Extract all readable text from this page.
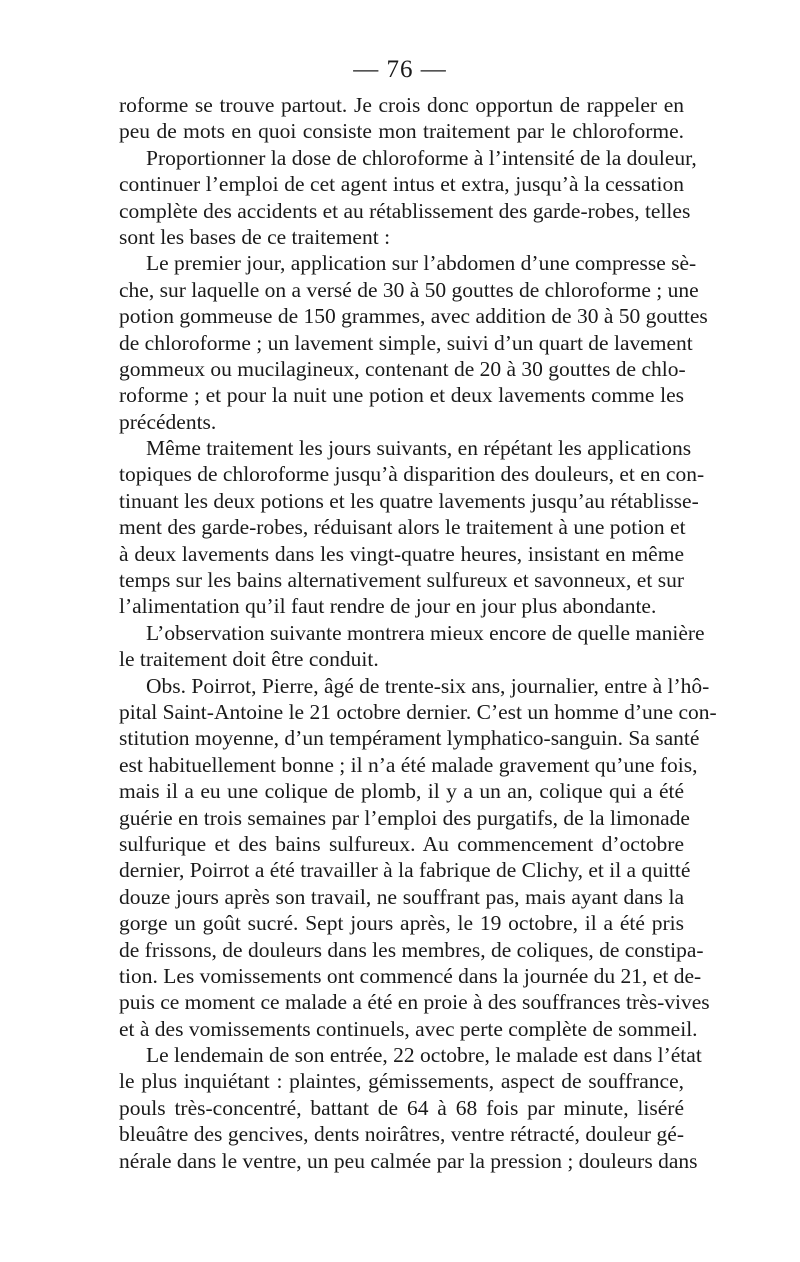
— 76 —
roforme se trouve partout. Je crois donc opportun de rappeler en
peu de mots en quoi consiste mon traitement par le chloroforme.
Proportionner la dose de chloroforme à l’intensité de la douleur,
continuer l’emploi de cet agent intus et extra, jusqu’à la cessation
complète des accidents et au rétablissement des garde-robes, telles
sont les bases de ce traitement :
Le premier jour, application sur l’abdomen d’une compresse sè-
che, sur laquelle on a versé de 30 à 50 gouttes de chloroforme ; une
potion gommeuse de 150 grammes, avec addition de 30 à 50 gouttes
de chloroforme ; un lavement simple, suivi d’un quart de lavement
gommeux ou mucilagineux, contenant de 20 à 30 gouttes de chlo-
roforme ; et pour la nuit une potion et deux lavements comme les
précédents.
Même traitement les jours suivants, en répétant les applications
topiques de chloroforme jusqu’à disparition des douleurs, et en con-
tinuant les deux potions et les quatre lavements jusqu’au rétablisse-
ment des garde-robes, réduisant alors le traitement à une potion et
à deux lavements dans les vingt-quatre heures, insistant en même
temps sur les bains alternativement sulfureux et savonneux, et sur
l’alimentation qu’il faut rendre de jour en jour plus abondante.
L’observation suivante montrera mieux encore de quelle manière
le traitement doit être conduit.
Obs. Poirrot, Pierre, âgé de trente-six ans, journalier, entre à l’hô-
pital Saint-Antoine le 21 octobre dernier. C’est un homme d’une con-
stitution moyenne, d’un tempérament lymphatico-sanguin. Sa santé
est habituellement bonne ; il n’a été malade gravement qu’une fois,
mais il a eu une colique de plomb, il y a un an, colique qui a été
guérie en trois semaines par l’emploi des purgatifs, de la limonade
sulfurique et des bains sulfureux. Au commencement d’octobre
dernier, Poirrot a été travailler à la fabrique de Clichy, et il a quitté
douze jours après son travail, ne souffrant pas, mais ayant dans la
gorge un goût sucré. Sept jours après, le 19 octobre, il a été pris
de frissons, de douleurs dans les membres, de coliques, de constipa-
tion. Les vomissements ont commencé dans la journée du 21, et de-
puis ce moment ce malade a été en proie à des souffrances très-vives
et à des vomissements continuels, avec perte complète de sommeil.
Le lendemain de son entrée, 22 octobre, le malade est dans l’état
le plus inquiétant : plaintes, gémissements, aspect de souffrance,
pouls très-concentré, battant de 64 à 68 fois par minute, liséré
bleuâtre des gencives, dents noirâtres, ventre rétracté, douleur gé-
nérale dans le ventre, un peu calmée par la pression ; douleurs dans
